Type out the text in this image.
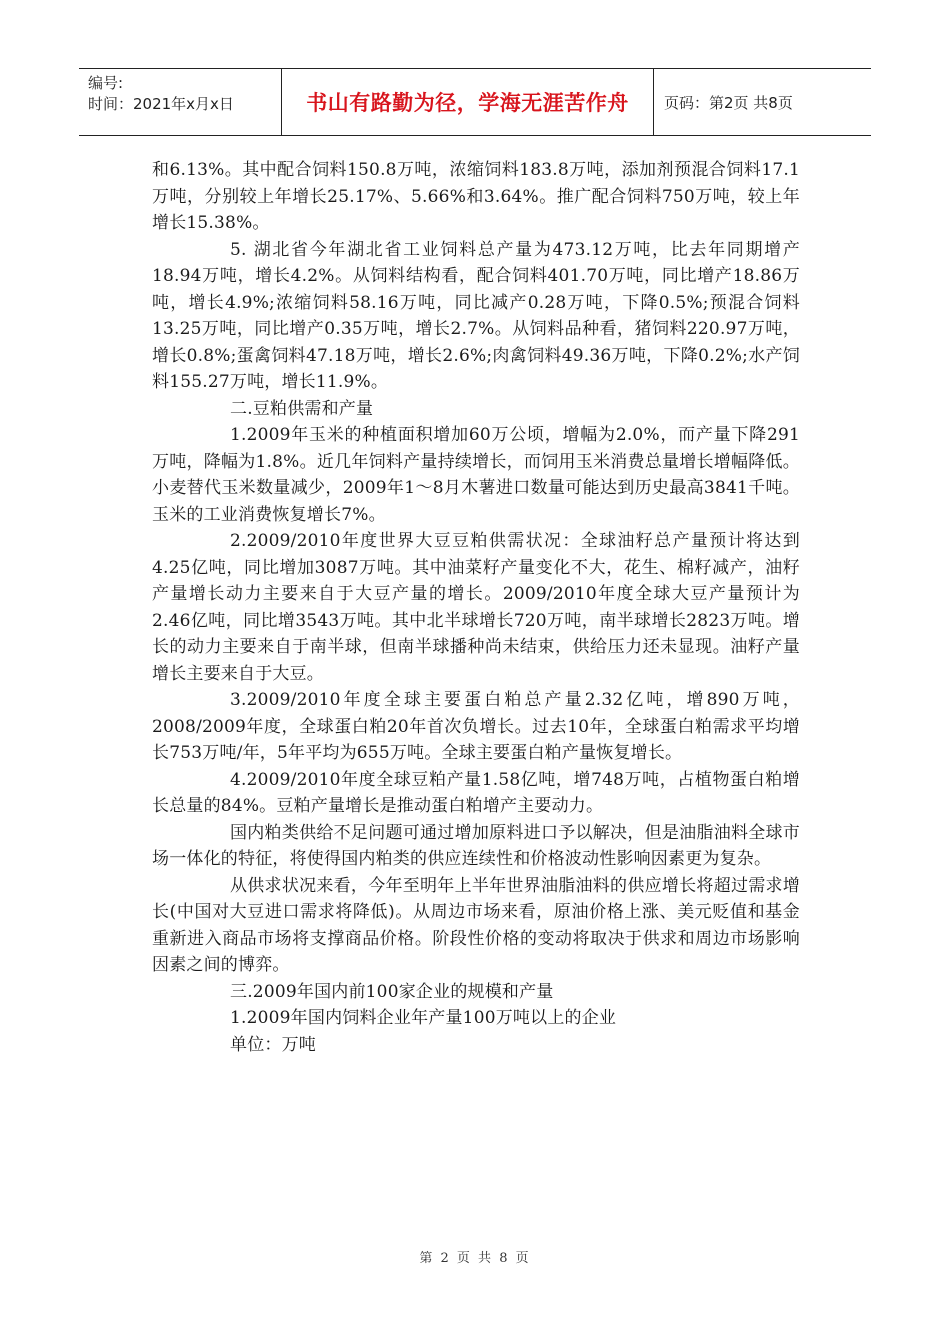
编号:
时间：2021年x月x日	书山有路勤为径，学海无涯苦作舟	页码：第2页 共8页

和6.13%。其中配合饲料150.8万吨，浓缩饲料183.8万吨，添加剂预混合饲料17.1万吨，分别较上年增长25.17%、5.66%和3.64%。推广配合饲料750万吨，较上年增长15.38%。

5. 湖北省今年湖北省工业饲料总产量为473.12万吨，比去年同期增产18.94万吨，增长4.2%。从饲料结构看，配合饲料401.70万吨，同比增产18.86万吨，增长4.9%;浓缩饲料58.16万吨，同比减产0.28万吨，下降0.5%;预混合饲料13.25万吨，同比增产0.35万吨，增长2.7%。从饲料品种看，猪饲料220.97万吨，增长0.8%;蛋禽饲料47.18万吨，增长2.6%;肉禽饲料49.36万吨，下降0.2%;水产饲料155.27万吨，增长11.9%。

二.豆粕供需和产量

1.2009年玉米的种植面积增加60万公顷，增幅为2.0%，而产量下降291 万吨，降幅为1.8%。近几年饲料产量持续增长，而饲用玉米消费总量增长增幅降低。小麦替代玉米数量减少，2009年1～8月木薯进口数量可能达到历史最高3841千吨。玉米的工业消费恢复增长7%。

2.2009/2010年度世界大豆豆粕供需状况：全球油籽总产量预计将达到4.25亿吨，同比增加3087万吨。其中油菜籽产量变化不大，花生、棉籽减产，油籽产量增长动力主要来自于大豆产量的增长。2009/2010年度全球大豆产量预计为2.46亿吨，同比增3543万吨。其中北半球增长720万吨，南半球增长2823万吨。增长的动力主要来自于南半球，但南半球播种尚未结束，供给压力还未显现。油籽产量增长主要来自于大豆。

3.2009/2010年度全球主要蛋白粕总产量2.32亿吨，增890万吨，2008/2009年度，全球蛋白粕20年首次负增长。过去10年，全球蛋白粕需求平均增长753万吨/年，5年平均为655万吨。全球主要蛋白粕产量恢复增长。

4.2009/2010年度全球豆粕产量1.58亿吨，增748万吨，占植物蛋白粕增长总量的84%。豆粕产量增长是推动蛋白粕增产主要动力。

国内粕类供给不足问题可通过增加原料进口予以解决，但是油脂油料全球市场一体化的特征，将使得国内粕类的供应连续性和价格波动性影响因素更为复杂。

从供求状况来看，今年至明年上半年世界油脂油料的供应增长将超过需求增长(中国对大豆进口需求将降低)。从周边市场来看，原油价格上涨、美元贬值和基金重新进入商品市场将支撑商品价格。阶段性价格的变动将取决于供求和周边市场影响因素之间的博弈。

三.2009年国内前100家企业的规模和产量

1.2009年国内饲料企业年产量100万吨以上的企业

单位：万吨

第 2 页 共 8 页
